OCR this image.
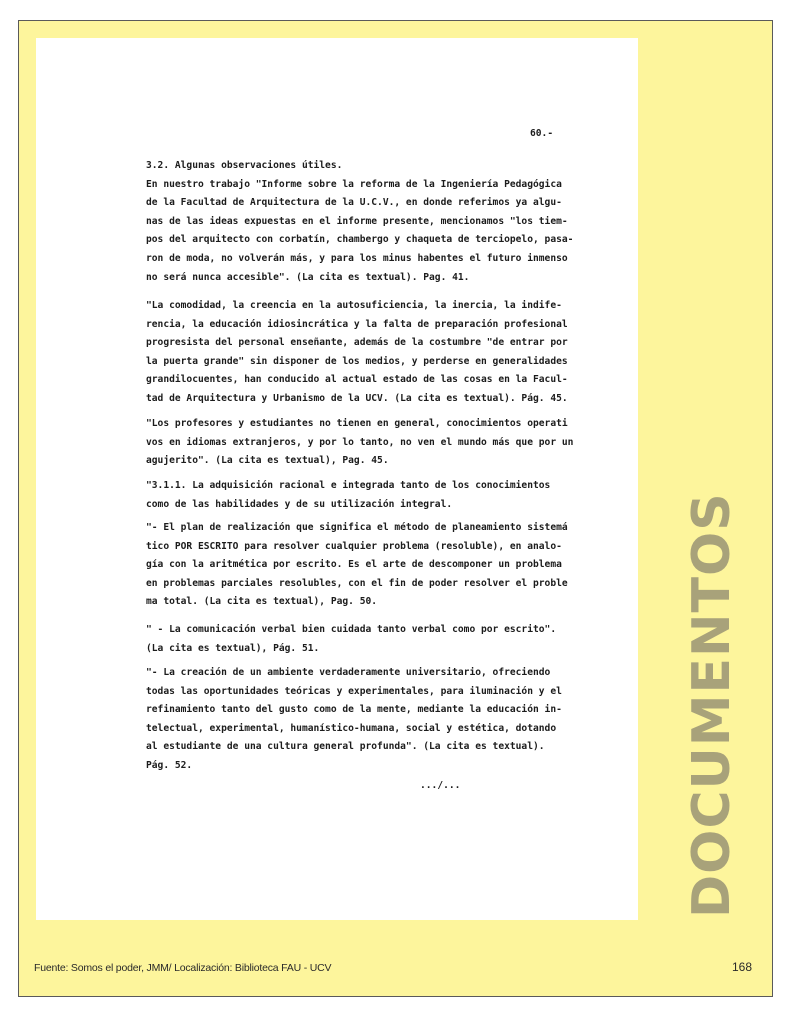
60.-
3.2. Algunas observaciones útiles.
En nuestro trabajo "Informe sobre la reforma de la Ingeniería Pedagógica
de la Facultad de Arquitectura de la U.C.V., en donde referimos ya algu-
nas de las ideas expuestas en el informe presente, mencionamos "los tiem-
pos del arquitecto con corbatín, chambergo y chaqueta de terciopelo, pasa-
ron de moda, no volverán más, y para los minus habentes el futuro inmenso
no será nunca accesible". (La cita es textual). Pag. 41.
"La comodidad, la creencia en la autosuficiencia, la inercia, la indife-
rencia, la educación idiosincrática y la falta de preparación profesional
progresista del personal enseñante, además de la costumbre "de entrar por
la puerta grande" sin disponer de los medios, y perderse en generalidades
grandilocuentes, han conducido al actual estado de las cosas en la Facul-
tad de Arquitectura y Urbanismo de la UCV. (La cita es textual). Pág. 45.
"Los profesores y estudiantes no tienen en general, conocimientos operati
vos en idiomas extranjeros, y por lo tanto, no ven el mundo más que por un
agujerito". (La cita es textual), Pag. 45.
"3.1.1. La adquisición racional e integrada tanto de los conocimientos
como de las habilidades y de su utilización integral.
"- El plan de realización que significa el método de planeamiento sistemá
tico POR ESCRITO para resolver cualquier problema (resoluble), en analo-
gía con la aritmética por escrito. Es el arte de descomponer un problema
en problemas parciales resolubles, con el fin de poder resolver el proble
ma total. (La cita es textual), Pag. 50.
" - La comunicación verbal bien cuidada tanto verbal como por escrito".
(La cita es textual), Pág. 51.
"- La creación de un ambiente verdaderamente universitario, ofreciendo
todas las oportunidades teóricas y experimentales, para iluminación y el
refinamiento tanto del gusto como de la mente, mediante la educación in-
telectual, experimental, humanístico-humana, social y estética, dotando
al estudiante de una cultura general profunda". (La cita es textual).
Pág. 52.
.../...	DOCUMENTOS
Fuente: Somos el poder, JMM/ Localización: Biblioteca FAU - UCV	168
